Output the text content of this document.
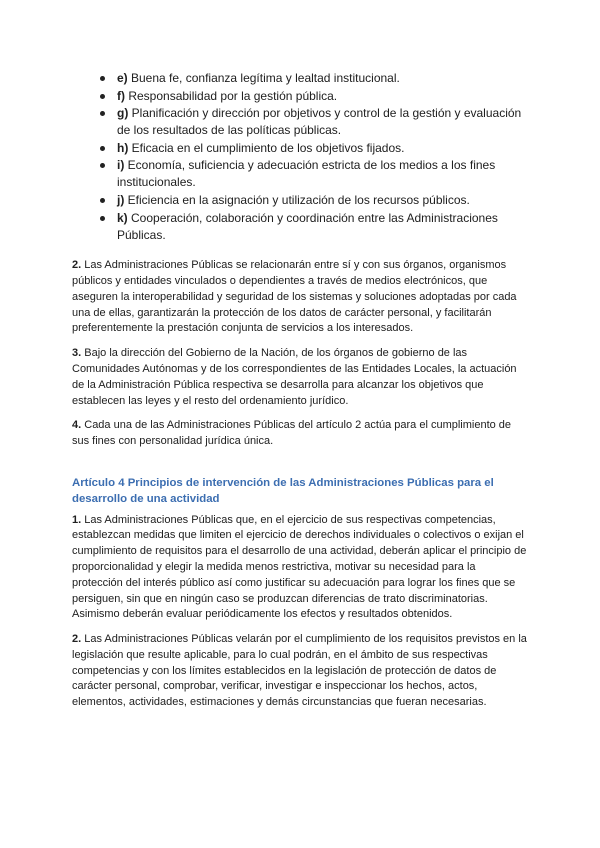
e) Buena fe, confianza legítima y lealtad institucional.
f) Responsabilidad por la gestión pública.
g) Planificación y dirección por objetivos y control de la gestión y evaluación de los resultados de las políticas públicas.
h) Eficacia en el cumplimiento de los objetivos fijados.
i) Economía, suficiencia y adecuación estricta de los medios a los fines institucionales.
j) Eficiencia en la asignación y utilización de los recursos públicos.
k) Cooperación, colaboración y coordinación entre las Administraciones Públicas.

2. Las Administraciones Públicas se relacionarán entre sí y con sus órganos, organismos públicos y entidades vinculados o dependientes a través de medios electrónicos, que aseguren la interoperabilidad y seguridad de los sistemas y soluciones adoptadas por cada una de ellas, garantizarán la protección de los datos de carácter personal, y facilitarán preferentemente la prestación conjunta de servicios a los interesados.

3. Bajo la dirección del Gobierno de la Nación, de los órganos de gobierno de las Comunidades Autónomas y de los correspondientes de las Entidades Locales, la actuación de la Administración Pública respectiva se desarrolla para alcanzar los objetivos que establecen las leyes y el resto del ordenamiento jurídico.

4. Cada una de las Administraciones Públicas del artículo 2 actúa para el cumplimiento de sus fines con personalidad jurídica única.

Artículo 4 Principios de intervención de las Administraciones Públicas para el desarrollo de una actividad

1. Las Administraciones Públicas que, en el ejercicio de sus respectivas competencias, establezcan medidas que limiten el ejercicio de derechos individuales o colectivos o exijan el cumplimiento de requisitos para el desarrollo de una actividad, deberán aplicar el principio de proporcionalidad y elegir la medida menos restrictiva, motivar su necesidad para la protección del interés público así como justificar su adecuación para lograr los fines que se persiguen, sin que en ningún caso se produzcan diferencias de trato discriminatorias. Asimismo deberán evaluar periódicamente los efectos y resultados obtenidos.

2. Las Administraciones Públicas velarán por el cumplimiento de los requisitos previstos en la legislación que resulte aplicable, para lo cual podrán, en el ámbito de sus respectivas competencias y con los límites establecidos en la legislación de protección de datos de carácter personal, comprobar, verificar, investigar e inspeccionar los hechos, actos, elementos, actividades, estimaciones y demás circunstancias que fueran necesarias.
